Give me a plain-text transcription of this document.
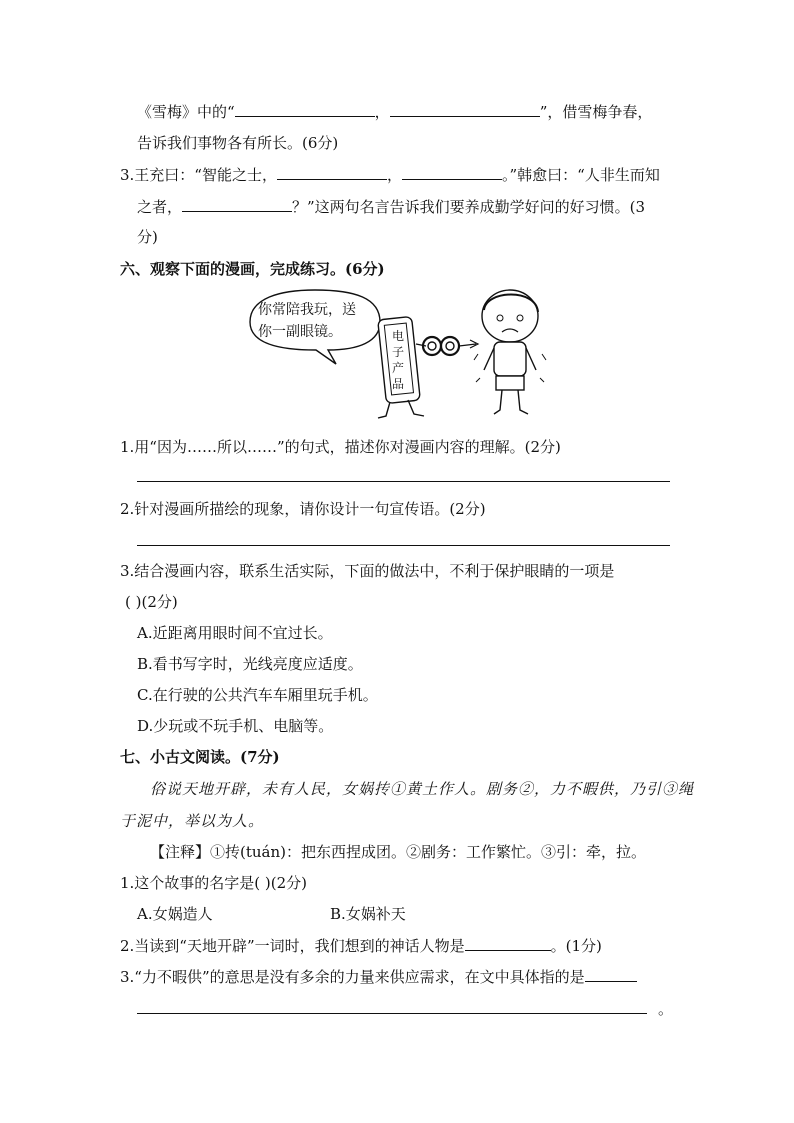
《雪梅》中的“	，	”，借雪梅争春，
告诉我们事物各有所长。(6分)
3.王充曰：“智能之士，	，	。”韩愈曰：“人非生而知
之者，	？”这两句名言告诉我们要养成勤学好问的好习惯。(3
分)
六、观察下面的漫画，完成练习。(6分)
你常陪我玩，送
你一副眼镜。	电
子
产
品
1.用“因为……所以……”的句式，描述你对漫画内容的理解。(2分)
2.针对漫画所描绘的现象，请你设计一句宣传语。(2分)
3.结合漫画内容，联系生活实际，下面的做法中，不利于保护眼睛的一项是
( )(2分)
A.近距离用眼时间不宜过长。
B.看书写字时，光线亮度应适度。
C.在行驶的公共汽车车厢里玩手机。
D.少玩或不玩手机、电脑等。
七、小古文阅读。(7分)
俗说天地开辟，未有人民，女娲抟①黄土作人。剧务②，力不暇供，乃引③绳
于泥中，举以为人。
【注释】①抟(tuán)：把东西捏成团。②剧务：工作繁忙。③引：牵，拉。
1.这个故事的名字是( )(2分)
A.女娲造人	B.女娲补天
2.当读到“天地开辟”一词时，我们想到的神话人物是	。(1分)
3.“力不暇供”的意思是没有多余的力量来供应需求，在文中具体指的是
。
